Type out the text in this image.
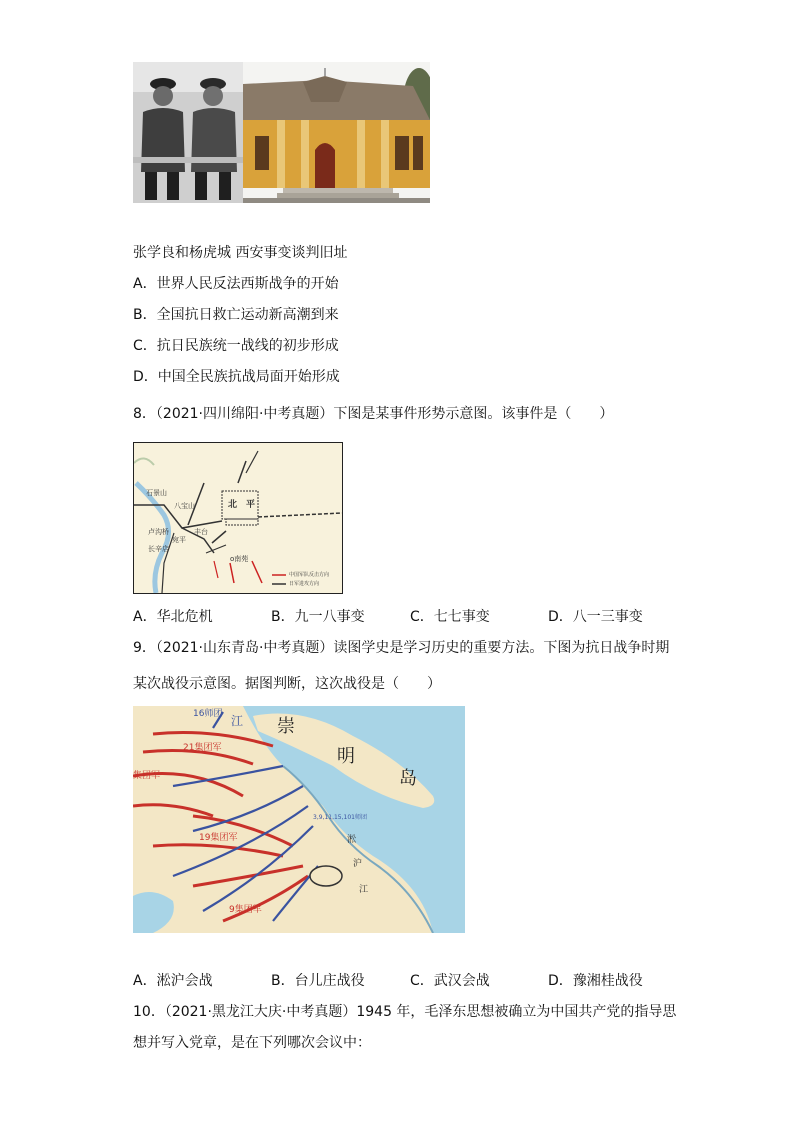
张学良和杨虎城 西安事变谈判旧址
A．世界人民反法西斯战争的开始
B．全国抗日救亡运动新高潮到来
C．抗日民族统一战线的初步形成
D．中国全民族抗战局面开始形成
8．（2021·四川绵阳·中考真题）下图是某事件形势示意图。该事件是（　　）
北　平
石景山
八宝山
卢沟桥
宛平
丰台
长辛店
o南苑
中国军队反击方向
日军进攻方向
A．华北危机	B．九一八事变	C．七七事变	D．八一三事变
9．（2021·山东青岛·中考真题）读图学史是学习历史的重要方法。下图为抗日战争时期
某次战役示意图。据图判断，这次战役是（　　）
16师团 江 崇
明
岛
21集团军
集团军
19集团军
9集团军
3,9,11,15,101师团
淞
沪
江
A．淞沪会战	B．台儿庄战役	C．武汉会战	D．豫湘桂战役
10．（2021·黑龙江大庆·中考真题）1945 年，毛泽东思想被确立为中国共产党的指导思
想并写入党章，是在下列哪次会议中：
